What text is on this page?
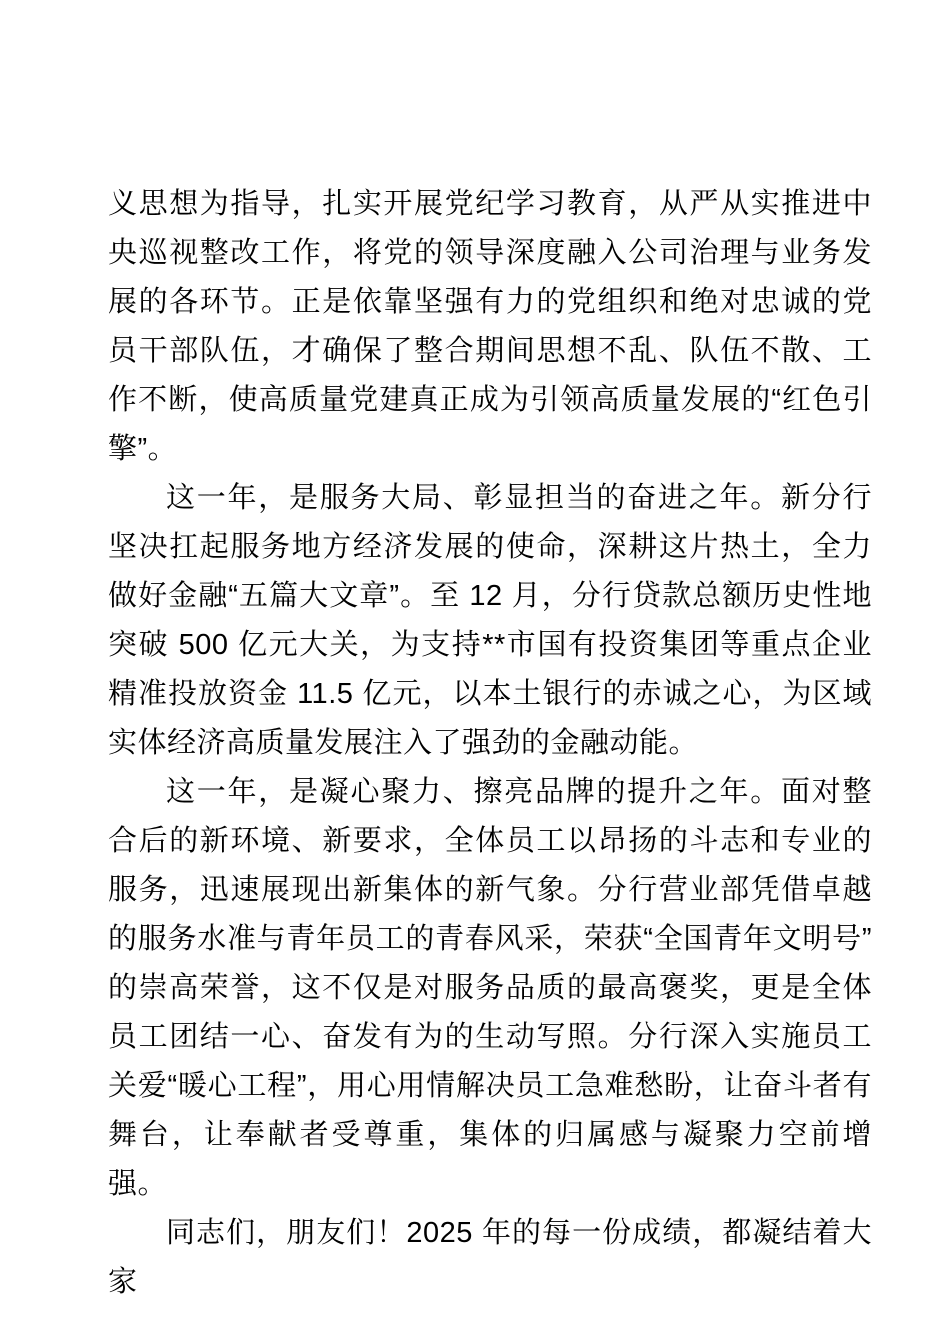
义思想为指导，扎实开展党纪学习教育，从严从实推进中央巡视整改工作，将党的领导深度融入公司治理与业务发展的各环节。正是依靠坚强有力的党组织和绝对忠诚的党员干部队伍，才确保了整合期间思想不乱、队伍不散、工作不断，使高质量党建真正成为引领高质量发展的“红色引擎”。

这一年，是服务大局、彰显担当的奋进之年。新分行坚决扛起服务地方经济发展的使命，深耕这片热土，全力做好金融“五篇大文章”。至 12 月，分行贷款总额历史性地突破 500 亿元大关，为支持**市国有投资集团等重点企业精准投放资金 11.5 亿元，以本土银行的赤诚之心，为区域实体经济高质量发展注入了强劲的金融动能。

这一年，是凝心聚力、擦亮品牌的提升之年。面对整合后的新环境、新要求，全体员工以昂扬的斗志和专业的服务，迅速展现出新集体的新气象。分行营业部凭借卓越的服务水准与青年员工的青春风采，荣获“全国青年文明号”的崇高荣誉，这不仅是对服务品质的最高褒奖，更是全体员工团结一心、奋发有为的生动写照。分行深入实施员工关爱“暖心工程”，用心用情解决员工急难愁盼，让奋斗者有舞台，让奉献者受尊重，集体的归属感与凝聚力空前增强。

同志们，朋友们！2025 年的每一份成绩，都凝结着大家
